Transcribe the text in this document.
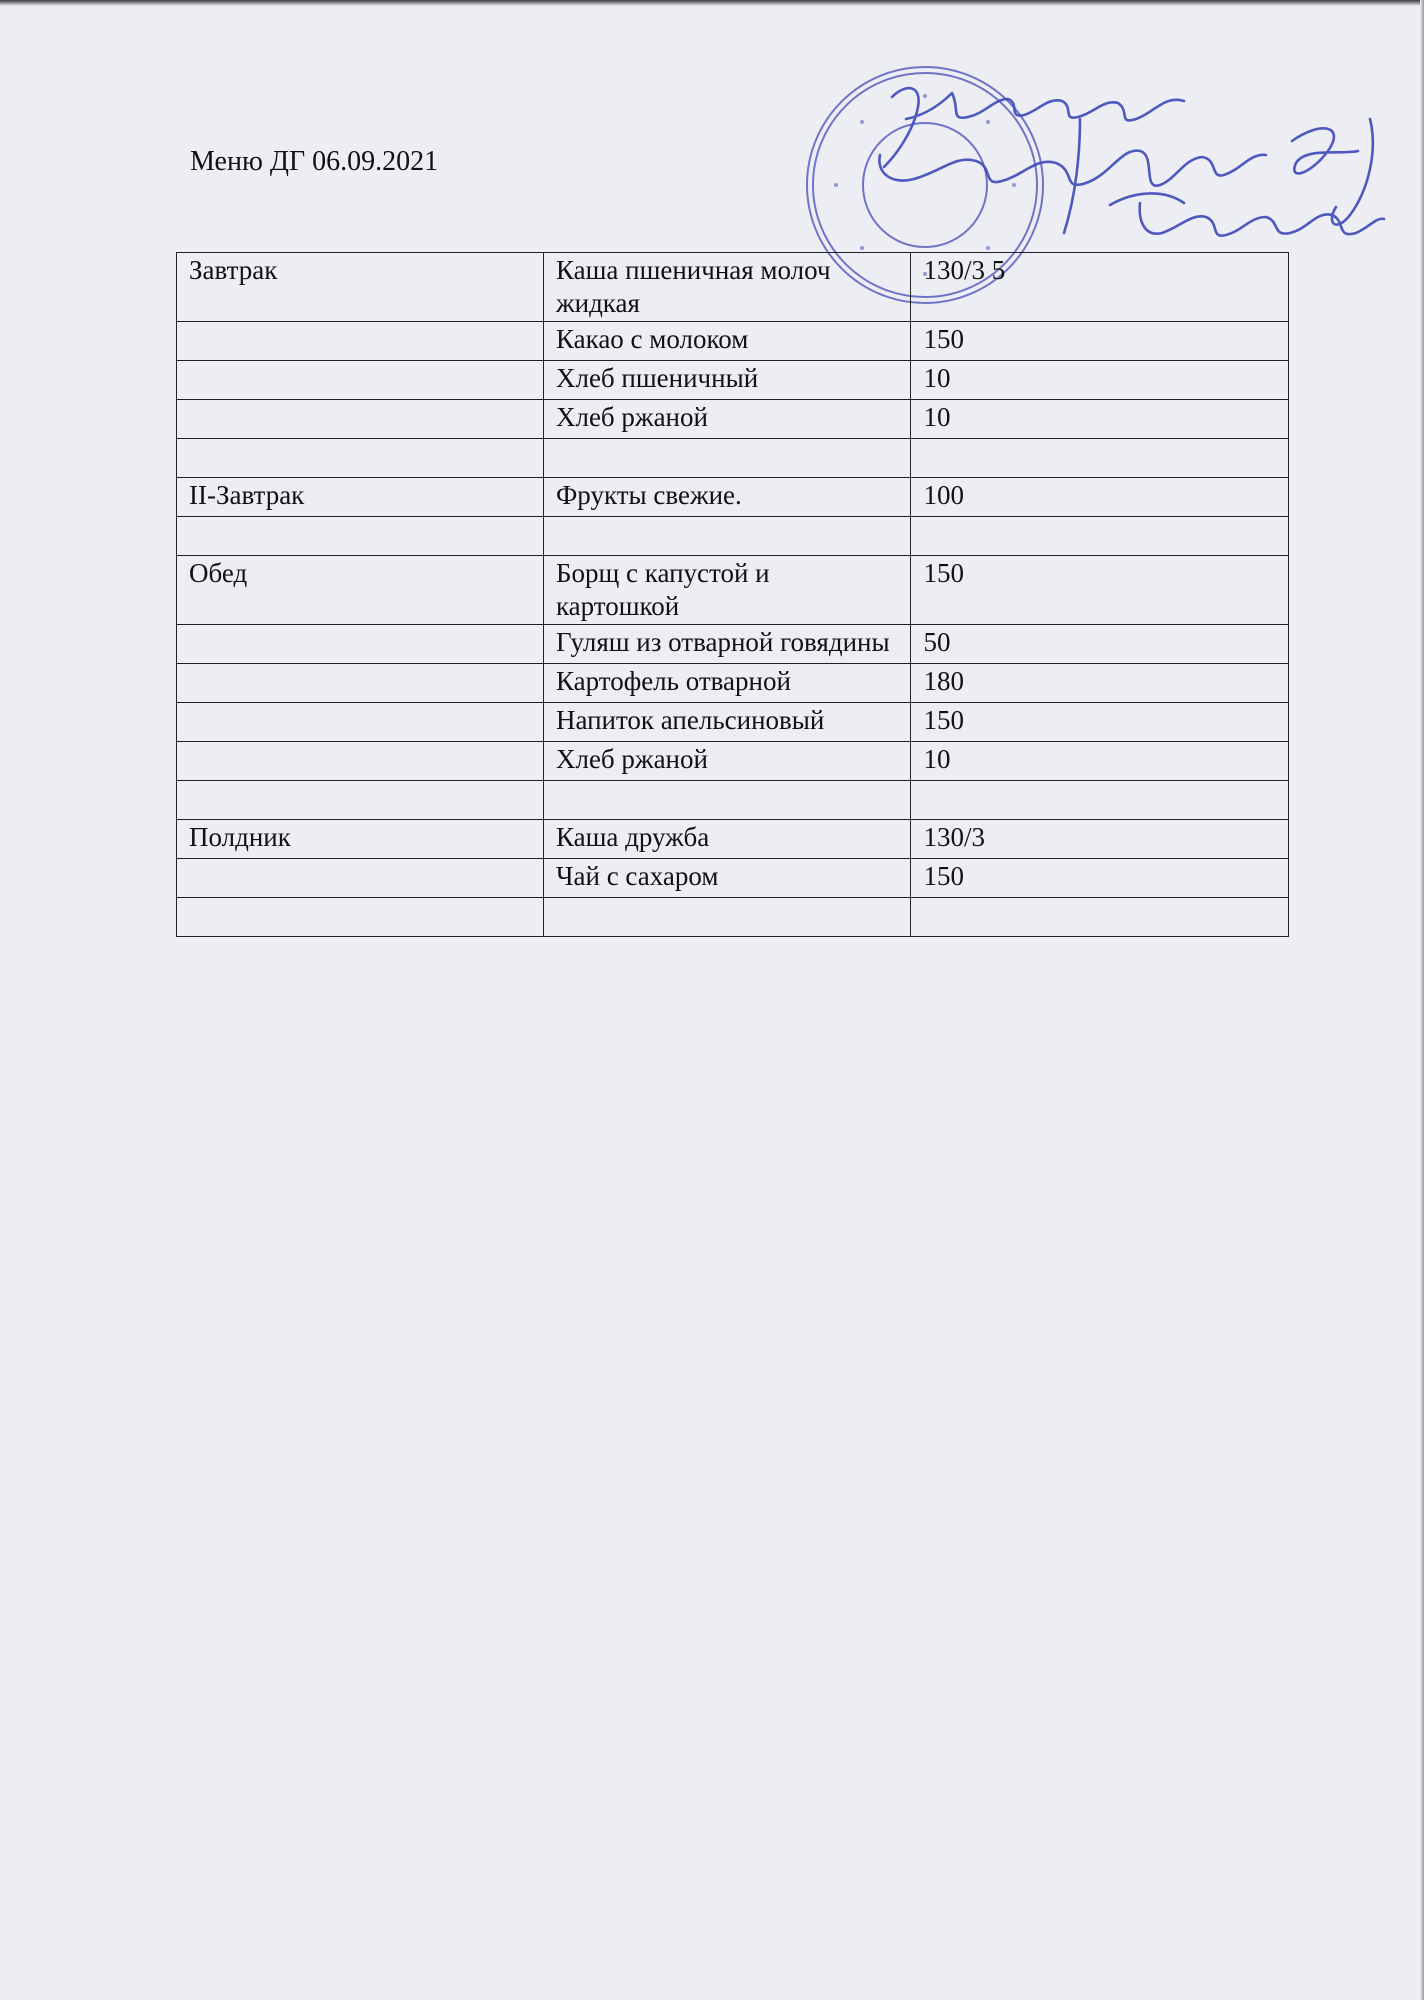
Меню ДГ 06.09.2021
Завтрак	Каша пшеничная молоч жидкая	130/3 5
	Какао с молоком	150
	Хлеб пшеничный	10
	Хлеб ржаной	10

II-Завтрак	Фрукты свежие.	100

Обед	Борщ с капустой и картошкой	150
	Гуляш из отварной говядины	50
	Картофель отварной	180
	Напиток апельсиновый	150
	Хлеб ржаной	10

Полдник	Каша дружба	130/3
	Чай с сахаром	150
